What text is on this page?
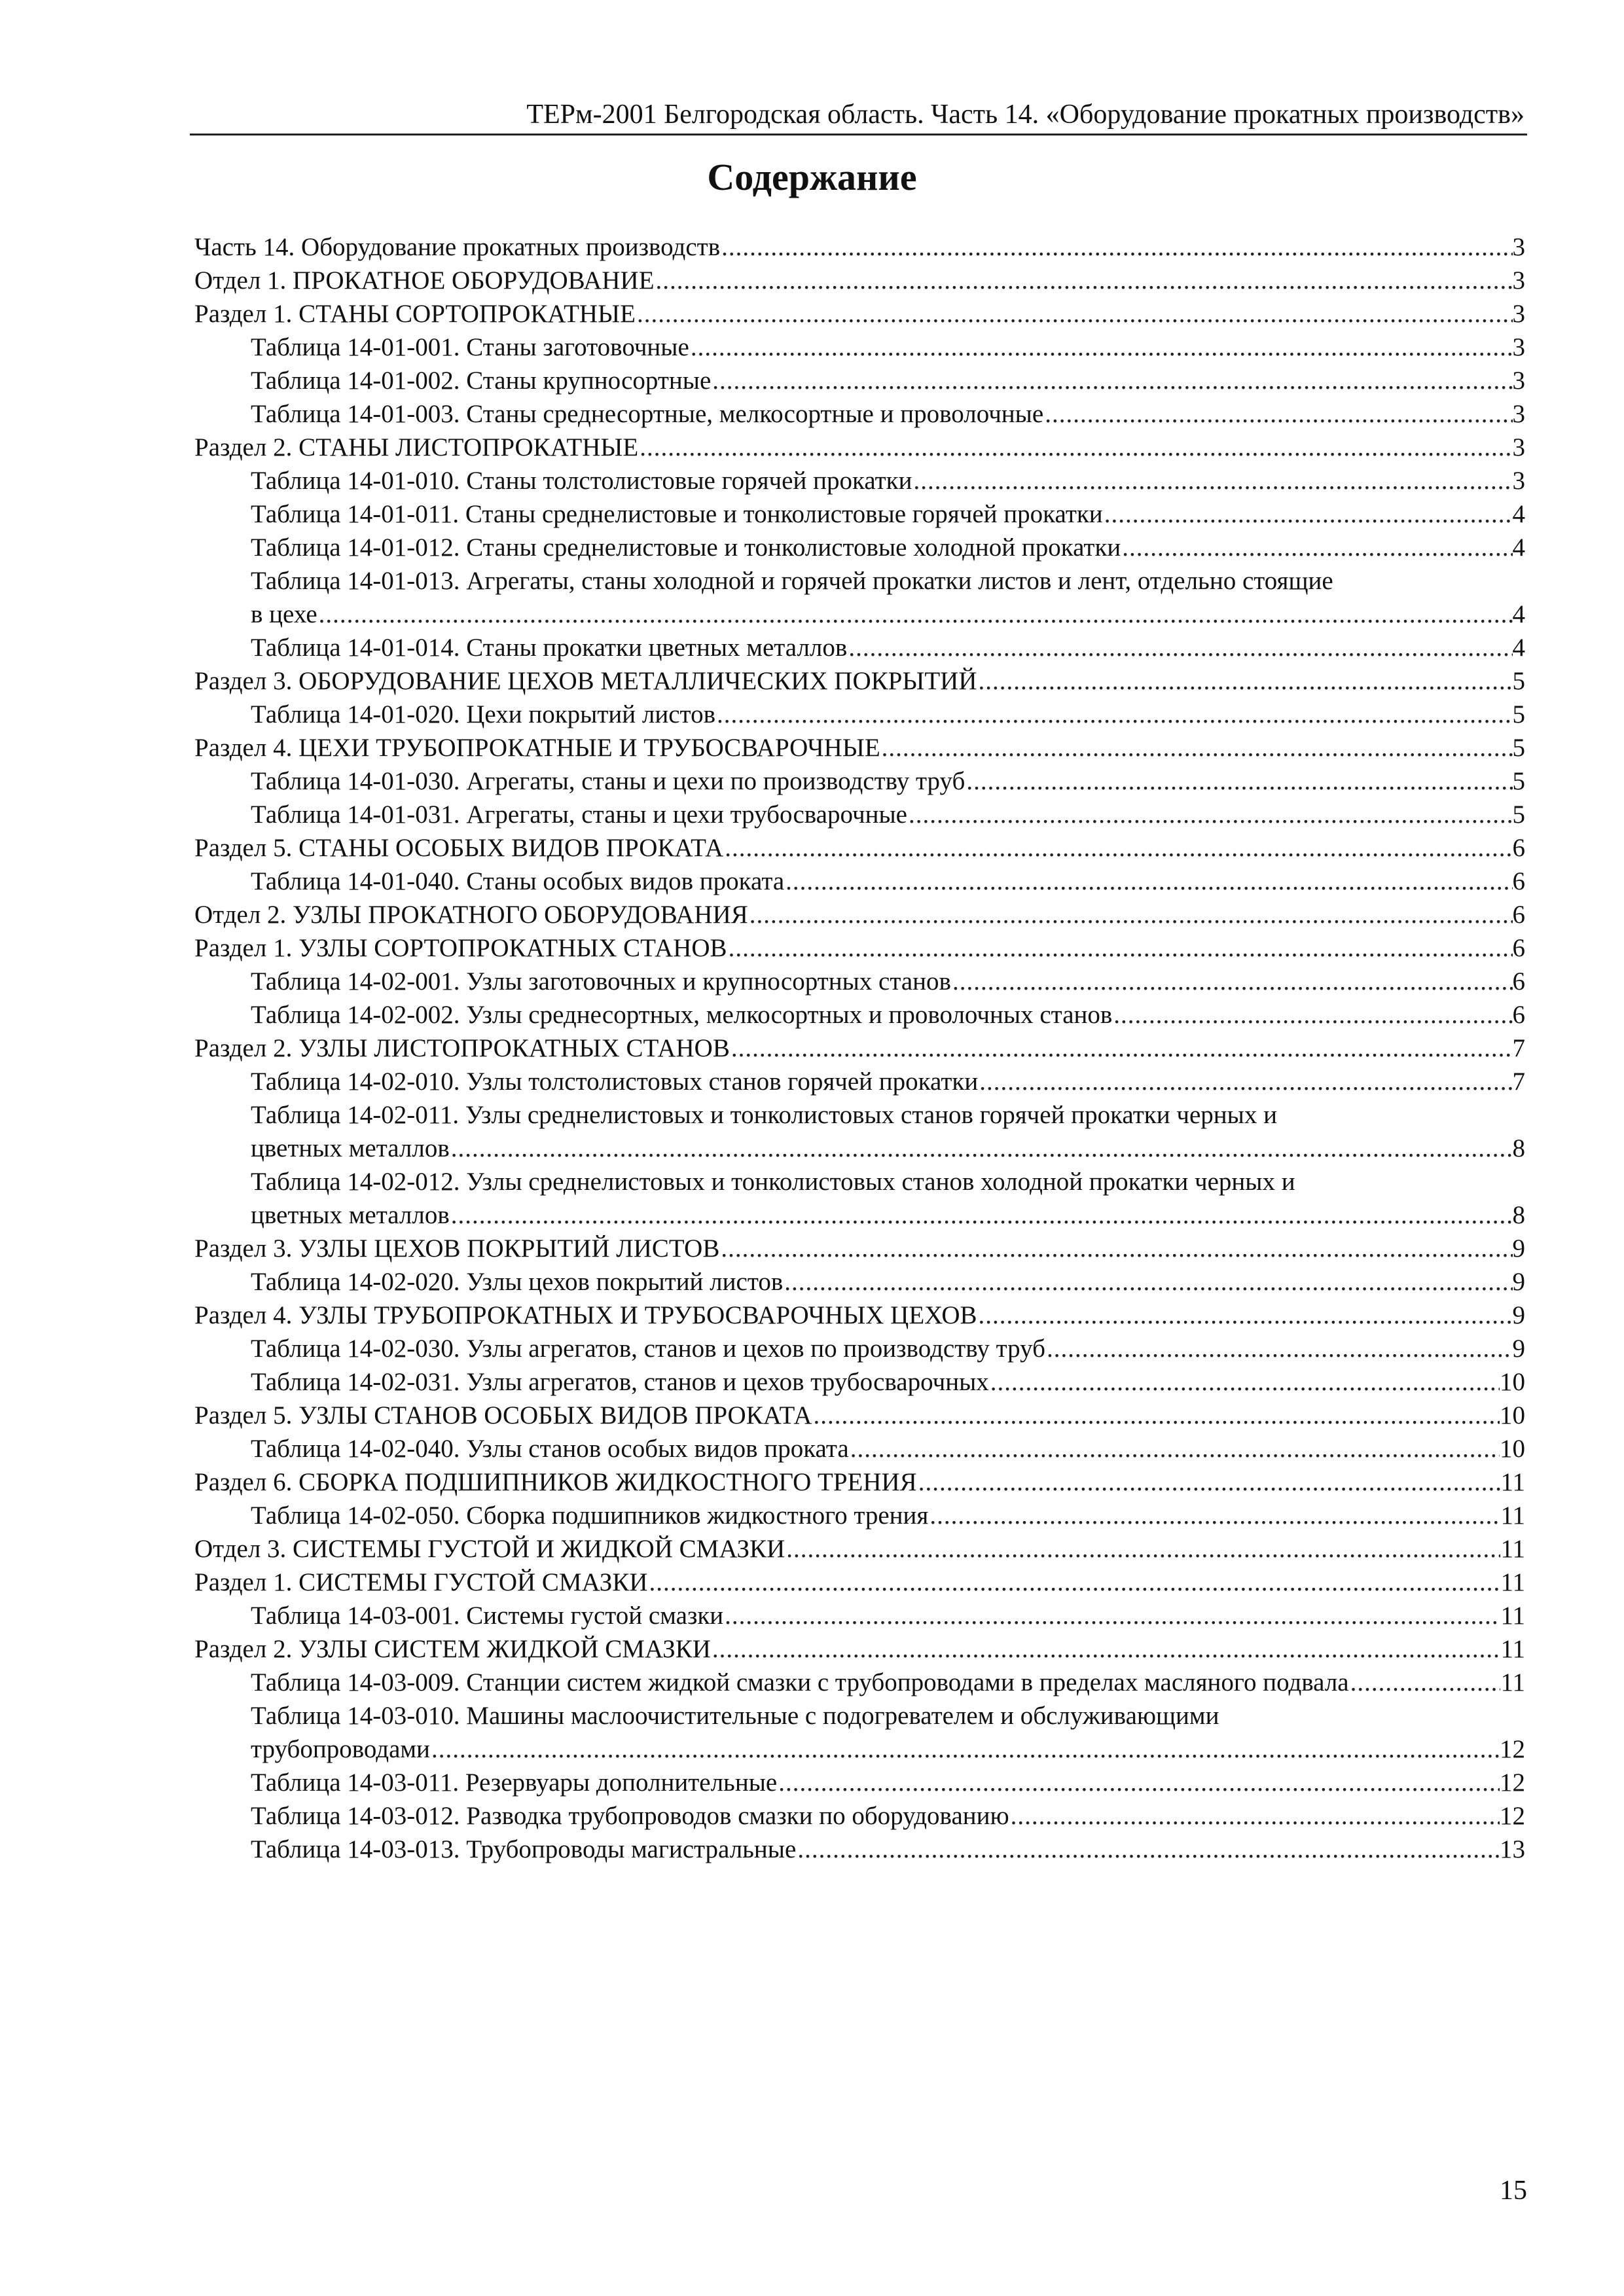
ТЕРм-2001 Белгородская область. Часть 14. «Оборудование прокатных производств»
Содержание
Часть 14. Оборудование прокатных производств .....	3
Отдел 1. ПРОКАТНОЕ ОБОРУДОВАНИЕ .....	3
Раздел 1. СТАНЫ СОРТОПРОКАТНЫЕ .....	3
Таблица 14-01-001. Станы заготовочные .....	3
Таблица 14-01-002. Станы крупносортные .....	3
Таблица 14-01-003. Станы среднесортные, мелкосортные и проволочные .....	3
Раздел 2. СТАНЫ ЛИСТОПРОКАТНЫЕ .....	3
Таблица 14-01-010. Станы толстолистовые горячей прокатки .....	3
Таблица 14-01-011. Станы среднелистовые и тонколистовые горячей прокатки .....	4
Таблица 14-01-012. Станы среднелистовые и тонколистовые холодной прокатки .....	4
Таблица 14-01-013. Агрегаты, станы холодной и горячей прокатки листов и лент, отдельно стоящие
в цехе .....	4
Таблица 14-01-014. Станы прокатки цветных металлов .....	4
Раздел 3. ОБОРУДОВАНИЕ ЦЕХОВ МЕТАЛЛИЧЕСКИХ ПОКРЫТИЙ .....	5
Таблица 14-01-020. Цехи покрытий листов .....	5
Раздел 4. ЦЕХИ ТРУБОПРОКАТНЫЕ И ТРУБОСВАРОЧНЫЕ .....	5
Таблица 14-01-030. Агрегаты, станы и цехи по производству труб .....	5
Таблица 14-01-031. Агрегаты, станы и цехи трубосварочные .....	5
Раздел 5. СТАНЫ ОСОБЫХ ВИДОВ ПРОКАТА .....	6
Таблица 14-01-040. Станы особых видов проката .....	6
Отдел 2. УЗЛЫ ПРОКАТНОГО ОБОРУДОВАНИЯ .....	6
Раздел 1. УЗЛЫ СОРТОПРОКАТНЫХ СТАНОВ .....	6
Таблица 14-02-001. Узлы заготовочных и крупносортных станов .....	6
Таблица 14-02-002. Узлы среднесортных, мелкосортных и проволочных станов .....	6
Раздел 2. УЗЛЫ ЛИСТОПРОКАТНЫХ СТАНОВ .....	7
Таблица 14-02-010. Узлы толстолистовых станов горячей прокатки .....	7
Таблица 14-02-011. Узлы среднелистовых и тонколистовых станов горячей прокатки черных и
цветных металлов .....	8
Таблица 14-02-012. Узлы среднелистовых и тонколистовых станов холодной прокатки черных и
цветных металлов .....	8
Раздел 3. УЗЛЫ ЦЕХОВ ПОКРЫТИЙ ЛИСТОВ .....	9
Таблица 14-02-020. Узлы цехов покрытий листов .....	9
Раздел 4. УЗЛЫ ТРУБОПРОКАТНЫХ И ТРУБОСВАРОЧНЫХ ЦЕХОВ .....	9
Таблица 14-02-030. Узлы агрегатов, станов и цехов по производству труб .....	9
Таблица 14-02-031. Узлы агрегатов, станов и цехов трубосварочных .....	10
Раздел 5. УЗЛЫ СТАНОВ ОСОБЫХ ВИДОВ ПРОКАТА .....	10
Таблица 14-02-040. Узлы станов особых видов проката .....	10
Раздел 6. СБОРКА ПОДШИПНИКОВ ЖИДКОСТНОГО ТРЕНИЯ .....	11
Таблица 14-02-050. Сборка подшипников жидкостного трения .....	11
Отдел 3. СИСТЕМЫ ГУСТОЙ И ЖИДКОЙ СМАЗКИ .....	11
Раздел 1. СИСТЕМЫ ГУСТОЙ СМАЗКИ .....	11
Таблица 14-03-001. Системы густой смазки .....	11
Раздел 2. УЗЛЫ СИСТЕМ ЖИДКОЙ СМАЗКИ .....	11
Таблица 14-03-009. Станции систем жидкой смазки с трубопроводами в пределах масляного подвала .....	11
Таблица 14-03-010. Машины маслоочистительные с подогревателем и обслуживающими
трубопроводами .....	12
Таблица 14-03-011. Резервуары дополнительные .....	12
Таблица 14-03-012. Разводка трубопроводов смазки по оборудованию .....	12
Таблица 14-03-013. Трубопроводы магистральные .....	13
15
